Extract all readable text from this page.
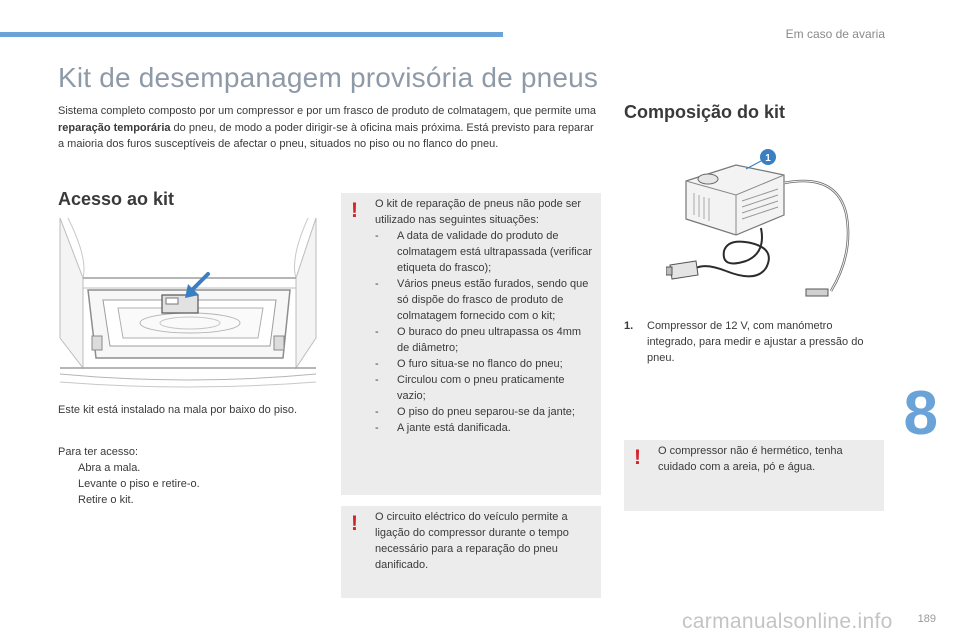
Em caso de avaria
8
189
Kit de desempanagem provisória de pneus

Sistema completo composto por um compressor e por um frasco de produto de colmatagem, que permite uma reparação temporária do pneu, de modo a poder dirigir-se à oficina mais próxima. Está previsto para reparar a maioria dos furos susceptíveis de afectar o pneu, situados no piso ou no flanco do pneu.

Acesso ao kit

Este kit está instalado na mala por baixo do piso.

Para ter acesso:
Abra a mala.
Levante o piso e retire-o.
Retire o kit.
! O kit de reparação de pneus não pode ser utilizado nas seguintes situações:

-	A data de validade do produto de colmatagem está ultrapassada (verificar etiqueta do frasco);
-	Vários pneus estão furados, sendo que só dispõe do frasco de produto de colmatagem fornecido com o kit;
-	O buraco do pneu ultrapassa os 4mm de diâmetro;
-	O furo situa-se no flanco do pneu;
-	Circulou com o pneu praticamente vazio;
-	O piso do pneu separou-se da jante;
-	A jante está danificada.
! O circuito eléctrico do veículo permite a ligação do compressor durante o tempo necessário para a reparação do pneu danificado.

Composição do kit
1
1.	Compressor de 12 V, com manómetro integrado, para medir e ajustar a pressão do pneu.
! O compressor não é hermético, tenha cuidado com a areia, pó e água.

carmanualsonline.info
